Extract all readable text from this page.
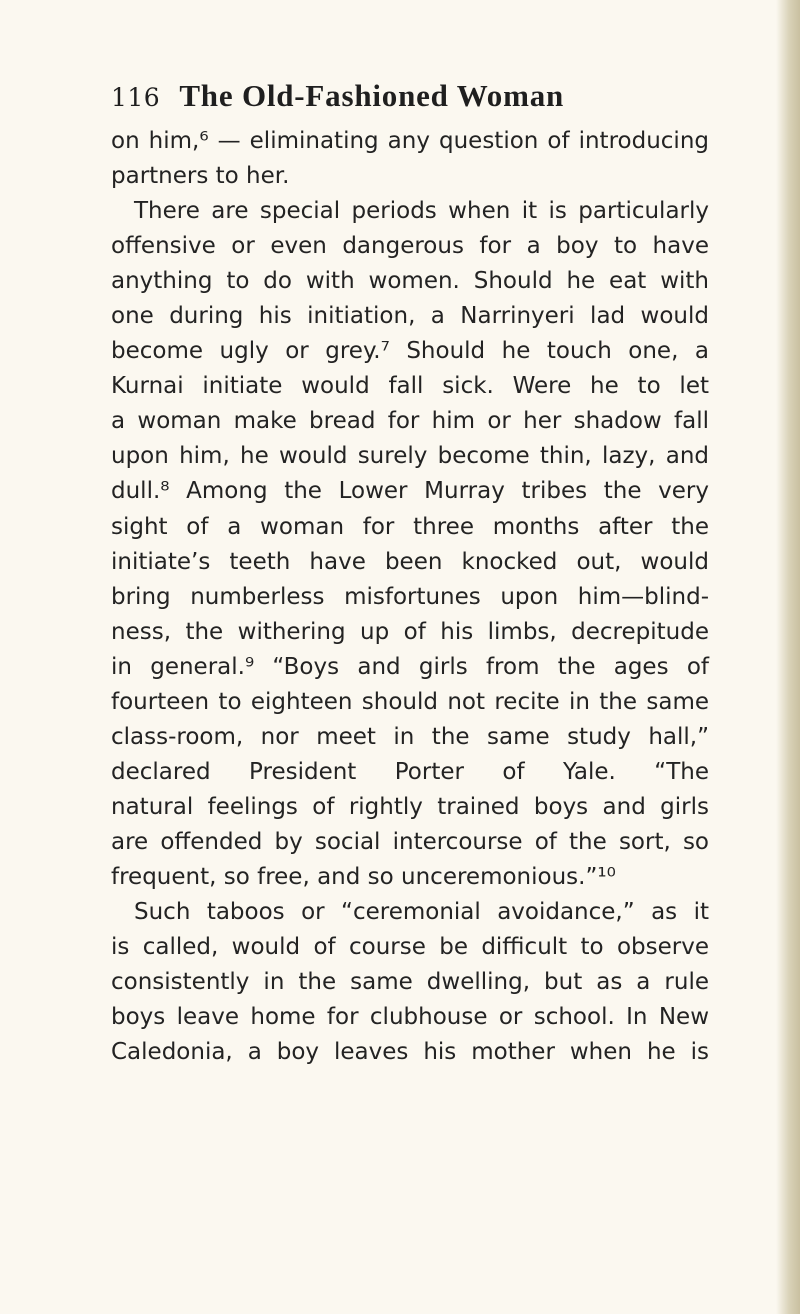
116 The Old-Fashioned Woman
on him,⁶ — eliminating any question of introducing
partners to her.
There are special periods when it is particularly
offensive or even dangerous for a boy to have
anything to do with women. Should he eat with
one during his initiation, a Narrinyeri lad would
become ugly or grey.⁷ Should he touch one, a
Kurnai initiate would fall sick. Were he to let
a woman make bread for him or her shadow fall
upon him, he would surely become thin, lazy, and
dull.⁸ Among the Lower Murray tribes the very
sight of a woman for three months after the
initiate’s teeth have been knocked out, would
bring numberless misfortunes upon him—blind-
ness, the withering up of his limbs, decrepitude
in general.⁹ “Boys and girls from the ages of
fourteen to eighteen should not recite in the same
class-room, nor meet in the same study hall,”
declared President Porter of Yale. “The
natural feelings of rightly trained boys and girls
are offended by social intercourse of the sort, so
frequent, so free, and so unceremonious.”¹⁰
Such taboos or “ceremonial avoidance,” as it
is called, would of course be difficult to observe
consistently in the same dwelling, but as a rule
boys leave home for clubhouse or school. In New
Caledonia, a boy leaves his mother when he is
